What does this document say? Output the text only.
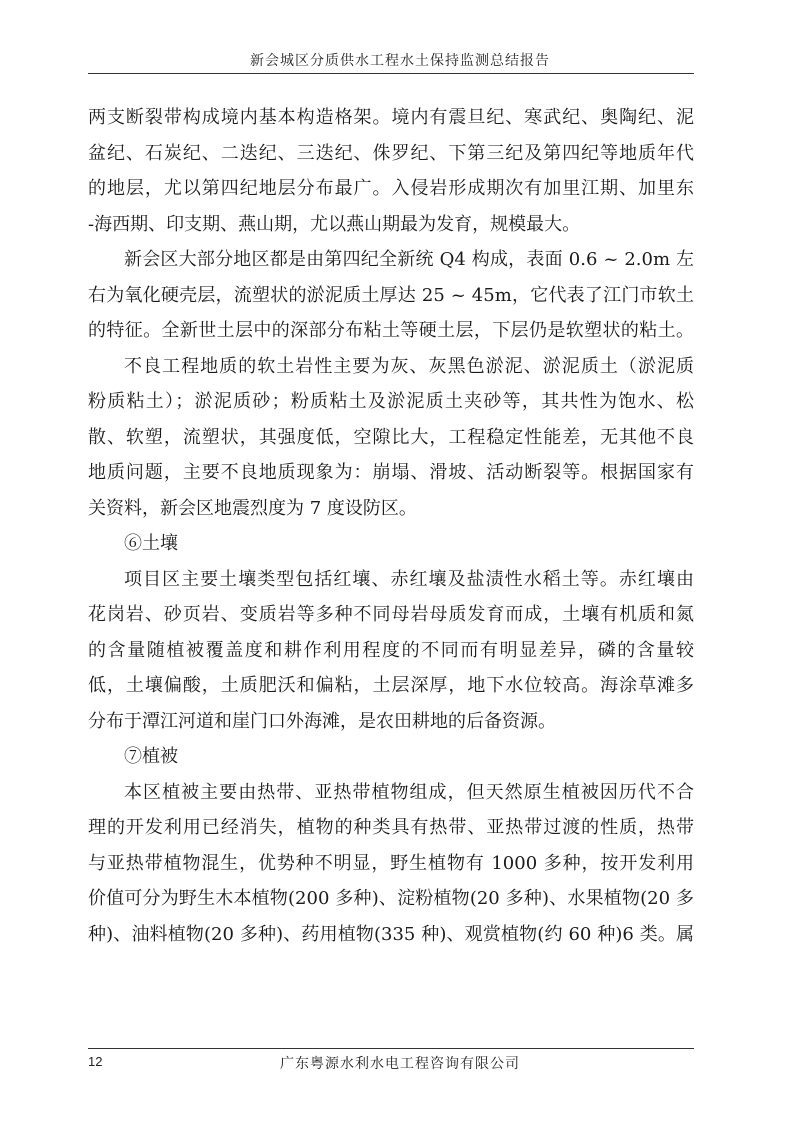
新会城区分质供水工程水土保持监测总结报告
两支断裂带构成境内基本构造格架。境内有震旦纪、寒武纪、奥陶纪、泥
盆纪、石炭纪、二迭纪、三迭纪、侏罗纪、下第三纪及第四纪等地质年代
的地层，尤以第四纪地层分布最广。入侵岩形成期次有加里江期、加里东
-海西期、印支期、燕山期，尤以燕山期最为发育，规模最大。
新会区大部分地区都是由第四纪全新统 Q4 构成，表面 0.6 ~ 2.0m 左
右为氧化硬壳层，流塑状的淤泥质土厚达 25 ~ 45m，它代表了江门市软土
的特征。全新世土层中的深部分布粘土等硬土层，下层仍是软塑状的粘土。
不良工程地质的软土岩性主要为灰、灰黑色淤泥、淤泥质土（淤泥质
粉质粘土）；淤泥质砂；粉质粘土及淤泥质土夹砂等，其共性为饱水、松
散、软塑，流塑状，其强度低，空隙比大，工程稳定性能差，无其他不良
地质问题，主要不良地质现象为：崩塌、滑坡、活动断裂等。根据国家有
关资料，新会区地震烈度为 7 度设防区。
⑥土壤
项目区主要土壤类型包括红壤、赤红壤及盐渍性水稻土等。赤红壤由
花岗岩、砂页岩、变质岩等多种不同母岩母质发育而成，土壤有机质和氮
的含量随植被覆盖度和耕作利用程度的不同而有明显差异，磷的含量较
低，土壤偏酸，土质肥沃和偏粘，土层深厚，地下水位较高。海涂草滩多
分布于潭江河道和崖门口外海滩，是农田耕地的后备资源。
⑦植被
本区植被主要由热带、亚热带植物组成，但天然原生植被因历代不合
理的开发利用已经消失，植物的种类具有热带、亚热带过渡的性质，热带
与亚热带植物混生，优势种不明显，野生植物有 1000 多种，按开发利用
价值可分为野生木本植物(200 多种)、淀粉植物(20 多种)、水果植物(20 多
种)、油料植物(20 多种)、药用植物(335 种)、观赏植物(约 60 种)6 类。属
12	广东粤源水利水电工程咨询有限公司
